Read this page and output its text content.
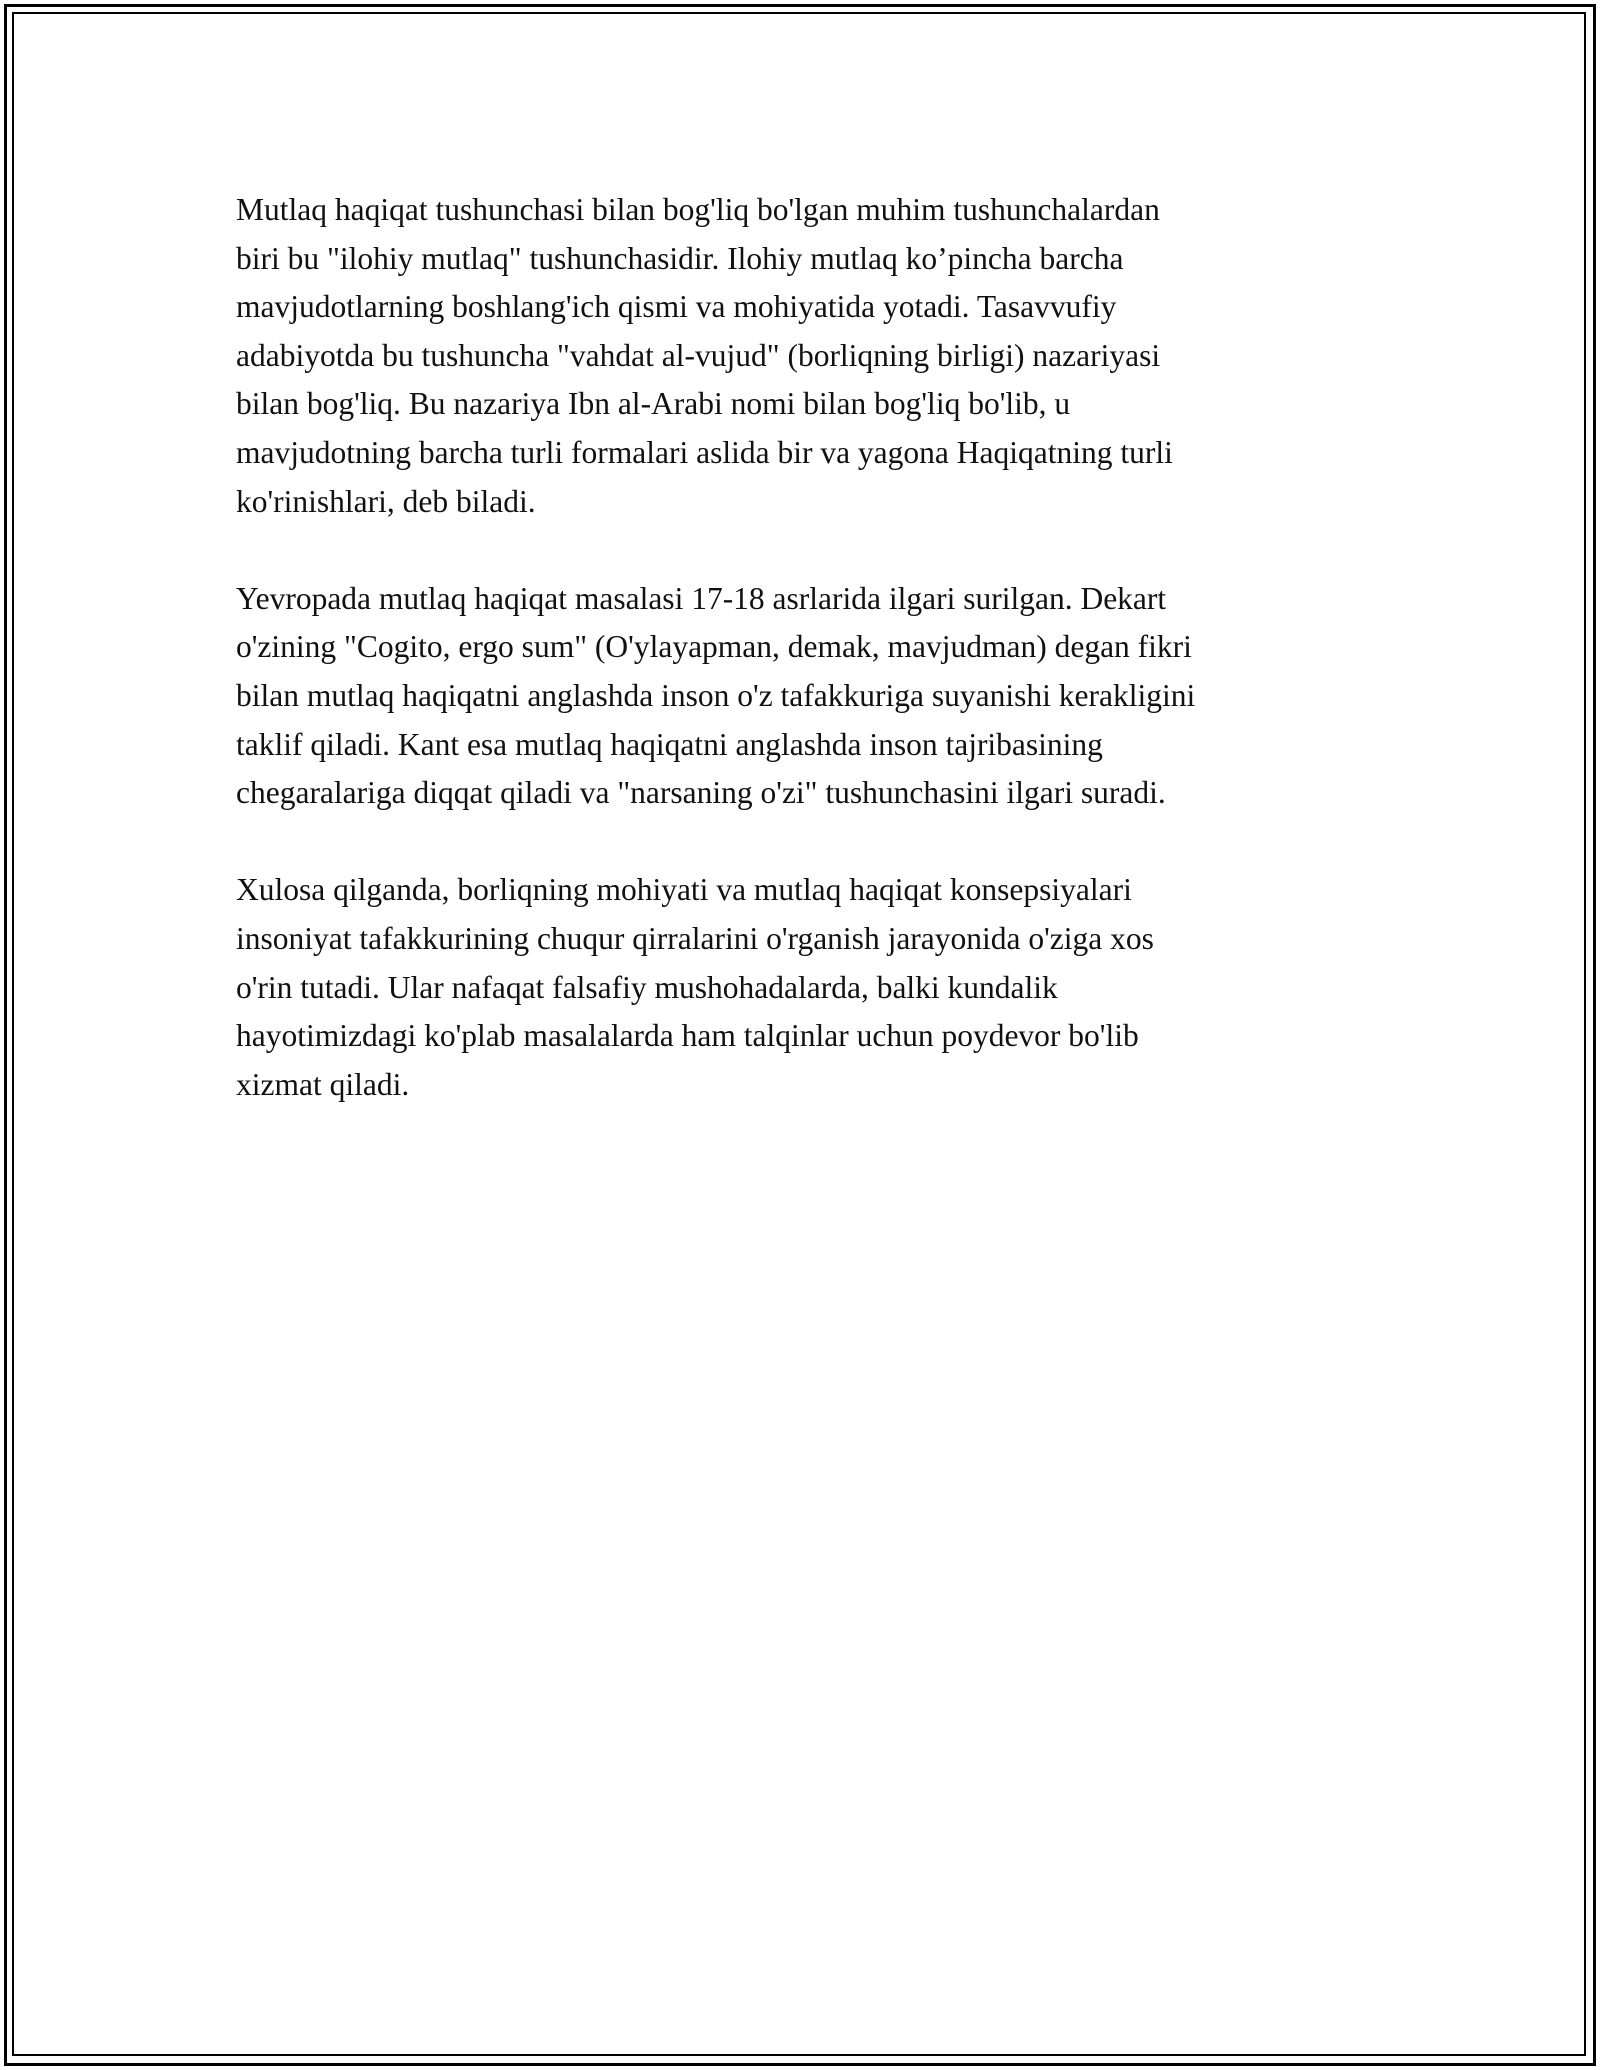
Mutlaq haqiqat tushunchasi bilan bog'liq bo'lgan muhim tushunchalardan
biri bu "ilohiy mutlaq" tushunchasidir. Ilohiy mutlaq ko’pincha barcha
mavjudotlarning boshlang'ich qismi va mohiyatida yotadi. Tasavvufiy
adabiyotda bu tushuncha "vahdat al-vujud" (borliqning birligi) nazariyasi
bilan bog'liq. Bu nazariya Ibn al-Arabi nomi bilan bog'liq bo'lib, u
mavjudotning barcha turli formalari aslida bir va yagona Haqiqatning turli
ko'rinishlari, deb biladi.

Yevropada mutlaq haqiqat masalasi 17-18 asrlarida ilgari surilgan. Dekart
o'zining "Cogito, ergo sum" (O'ylayapman, demak, mavjudman) degan fikri
bilan mutlaq haqiqatni anglashda inson o'z tafakkuriga suyanishi kerakligini
taklif qiladi. Kant esa mutlaq haqiqatni anglashda inson tajribasining
chegaralariga diqqat qiladi va "narsaning o'zi" tushunchasini ilgari suradi.

Xulosa qilganda, borliqning mohiyati va mutlaq haqiqat konsepsiyalari
insoniyat tafakkurining chuqur qirralarini o'rganish jarayonida o'ziga xos
o'rin tutadi. Ular nafaqat falsafiy mushohadalarda, balki kundalik
hayotimizdagi ko'plab masalalarda ham talqinlar uchun poydevor bo'lib
xizmat qiladi.
